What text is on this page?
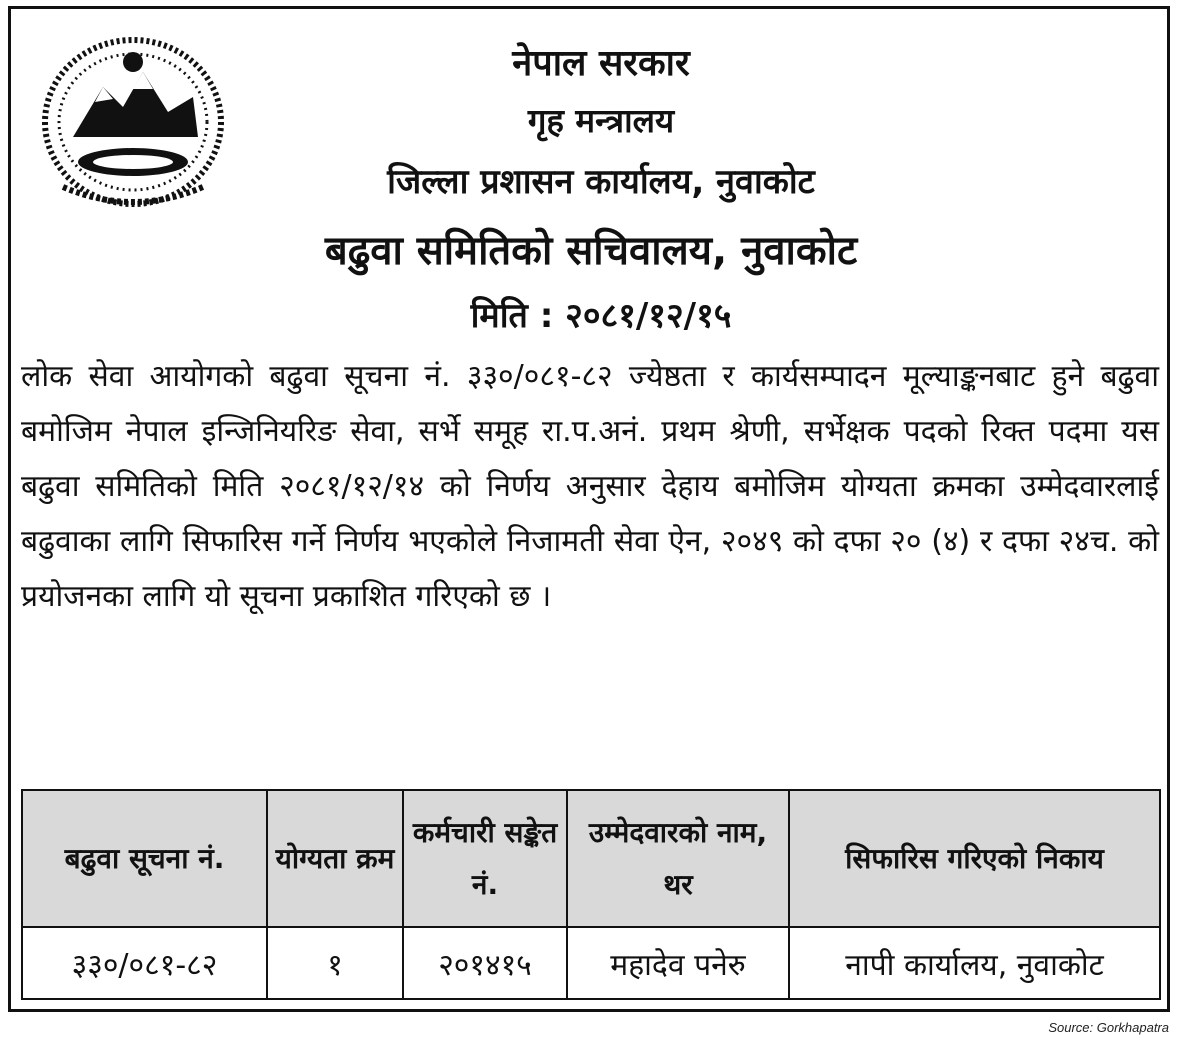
नेपाल सरकार
गृह मन्त्रालय
जिल्ला प्रशासन कार्यालय, नुवाकोट
बढुवा समितिको सचिवालय, नुवाकोट
मिति : २०८१/१२/१५
लोक सेवा आयोगको बढुवा सूचना नं. ३३०/०८१-८२ ज्येष्ठता र कार्यसम्पादन मूल्याङ्कनबाट हुने बढुवा बमोजिम नेपाल इन्जिनियरिङ सेवा, सर्भे समूह रा.प.अनं. प्रथम श्रेणी, सर्भेक्षक पदको रिक्त पदमा यस बढुवा समितिको मिति २०८१/१२/१४ को निर्णय अनुसार देहाय बमोजिम योग्यता क्रमका उम्मेदवारलाई बढुवाका लागि सिफारिस गर्ने निर्णय भएकोले निजामती सेवा ऐन, २०४९ को दफा २० (४) र दफा २४च. को प्रयोजनका लागि यो सूचना प्रकाशित गरिएको छ ।
बढुवा सूचना नं.	योग्यता क्रम	कर्मचारी सङ्केत नं.	उम्मेदवारको नाम, थर	सिफारिस गरिएको निकाय
३३०/०८१-८२	१	२०१४१५	महादेव पनेरु	नापी कार्यालय, नुवाकोट
Source: Gorkhapatra
